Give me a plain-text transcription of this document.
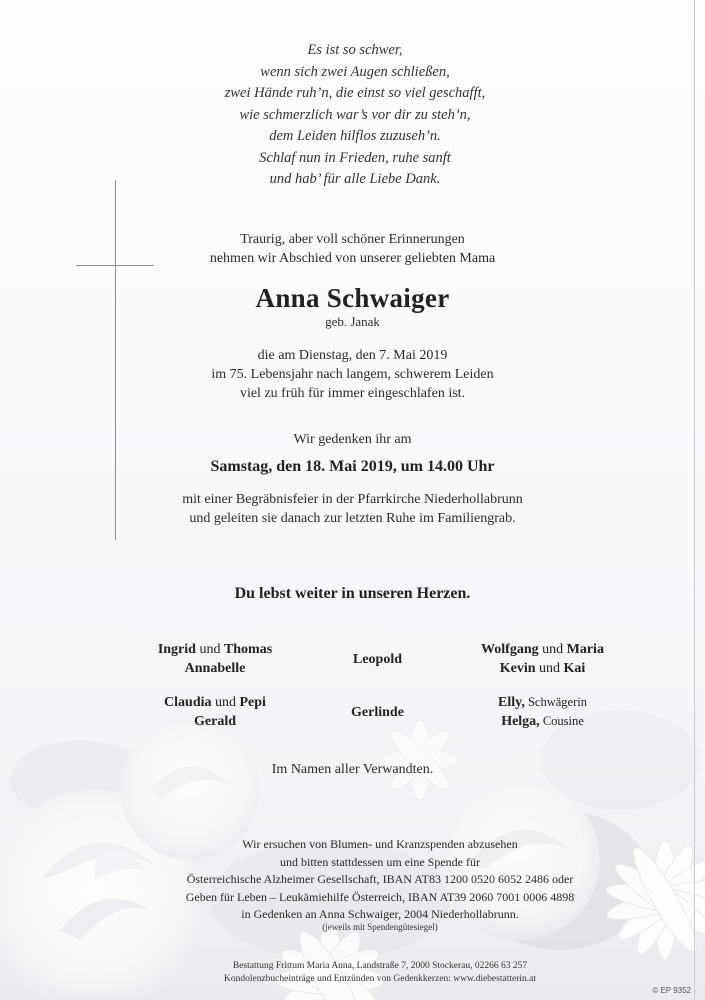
Es ist so schwer,
wenn sich zwei Augen schließen,
zwei Hände ruh’n, die einst so viel geschafft,
wie schmerzlich war’s vor dir zu steh’n,
dem Leiden hilflos zuzuseh’n.
Schlaf nun in Frieden, ruhe sanft
und hab’ für alle Liebe Dank.
Traurig, aber voll schöner Erinnerungen
nehmen wir Abschied von unserer geliebten Mama
Anna Schwaiger
geb. Janak
die am Dienstag, den 7. Mai 2019
im 75. Lebensjahr nach langem, schwerem Leiden
viel zu früh für immer eingeschlafen ist.
Wir gedenken ihr am
Samstag, den 18. Mai 2019, um 14.00 Uhr
mit einer Begräbnisfeier in der Pfarrkirche Niederhollabrunn
und geleiten sie danach zur letzten Ruhe im Familiengrab.
Du lebst weiter in unseren Herzen.
Ingrid und Thomas
Annabelle
Leopold
Wolfgang und Maria
Kevin und Kai
Claudia und Pepi
Gerald
Gerlinde
Elly, Schwägerin
Helga, Cousine
Im Namen aller Verwandten.
Wir ersuchen von Blumen- und Kranzspenden abzusehen
und bitten stattdessen um eine Spende für
Österreichische Alzheimer Gesellschaft, IBAN AT83 1200 0520 6052 2486 oder
Geben für Leben – Leukämiehilfe Österreich, IBAN AT39 2060 7001 0006 4898
in Gedenken an Anna Schwaiger, 2004 Niederhollabrunn.
(jeweils mit Spendengütesiegel)
Bestattung Frittum Maria Anna, Landstraße 7, 2000 Stockerau, 02266 63 257
Kondolenzbucheinträge und Entzünden von Gedenkkerzen: www.diebestatterin.at
© EP 9352
